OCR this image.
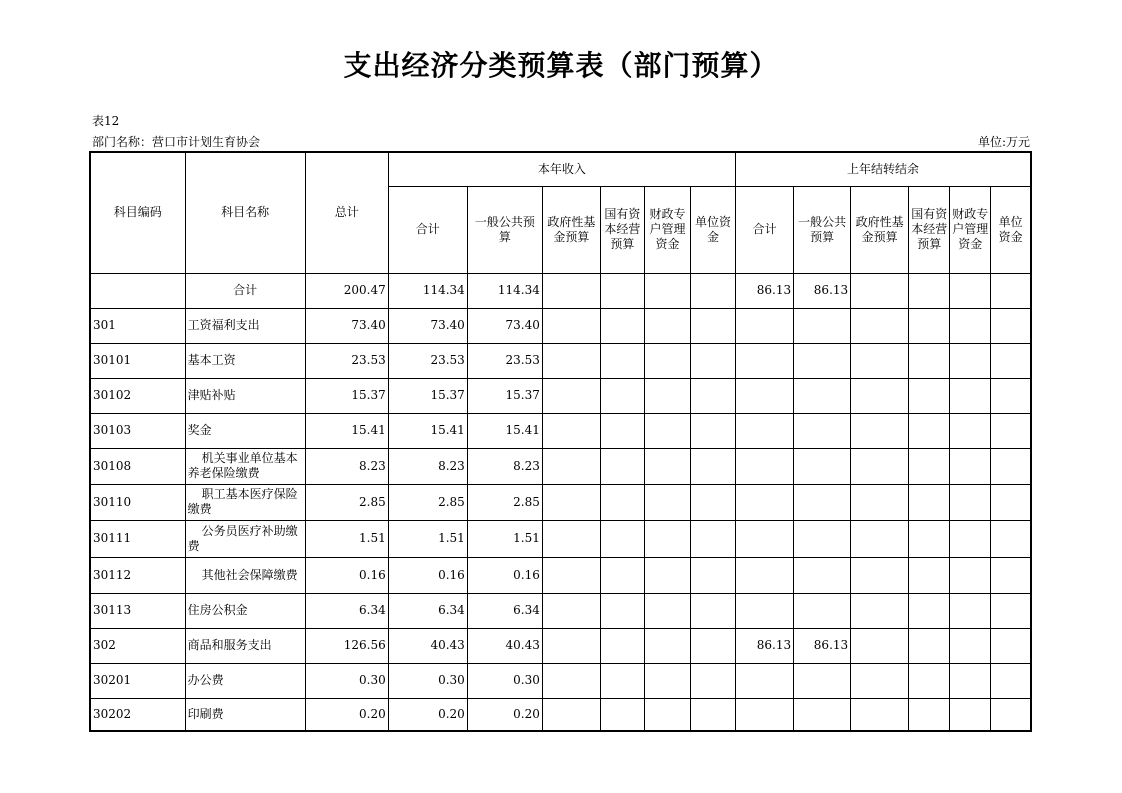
支出经济分类预算表（部门预算）
表12
部门名称：营口市计划生育协会	单位:万元
科目编码	科目名称	总计	本年收入						上年结转结余					
			合计	一般公共预算	政府性基金预算	国有资本经营预算	财政专户管理资金	单位资金	合计	一般公共预算	政府性基金预算	国有资本经营预算	财政专户管理资金	单位资金
	合计	200.47	114.34	114.34					86.13	86.13				
301	工资福利支出	73.40	73.40	73.40										
30101	基本工资	23.53	23.53	23.53										
30102	津贴补贴	15.37	15.37	15.37										
30103	奖金	15.41	15.41	15.41										
30108	机关事业单位基本养老保险缴费	8.23	8.23	8.23										
30110	职工基本医疗保险缴费	2.85	2.85	2.85										
30111	公务员医疗补助缴费	1.51	1.51	1.51										
30112	其他社会保障缴费	0.16	0.16	0.16										
30113	住房公积金	6.34	6.34	6.34										
302	商品和服务支出	126.56	40.43	40.43					86.13	86.13				
30201	办公费	0.30	0.30	0.30										
30202	印刷费	0.20	0.20	0.20										
